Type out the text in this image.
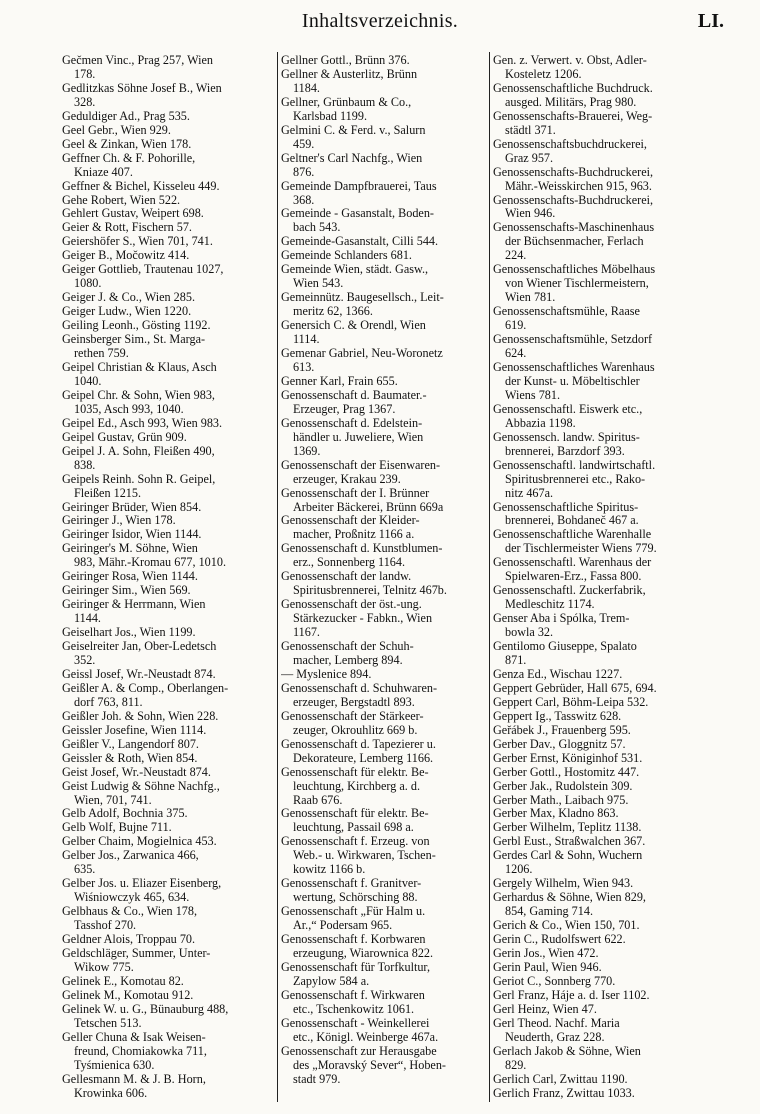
Inhaltsverzeichnis.	LI.
Gečmen Vinc., Prag 257, Wien
178.
Gedlitzkas Söhne Josef B., Wien
328.
Geduldiger Ad., Prag 535.
Geel Gebr., Wien 929.
Geel & Zinkan, Wien 178.
Geffner Ch. & F. Pohorille,
Kniaze 407.
Geffner & Bichel, Kisseleu 449.
Gehe Robert, Wien 522.
Gehlert Gustav, Weipert 698.
Geier & Rott, Fischern 57.
Geiershöfer S., Wien 701, 741.
Geiger B., Močowitz 414.
Geiger Gottlieb, Trautenau 1027,
1080.
Geiger J. & Co., Wien 285.
Geiger Ludw., Wien 1220.
Geiling Leonh., Gösting 1192.
Geinsberger Sim., St. Marga-
rethen 759.
Geipel Christian & Klaus, Asch
1040.
Geipel Chr. & Sohn, Wien 983,
1035, Asch 993, 1040.
Geipel Ed., Asch 993, Wien 983.
Geipel Gustav, Grün 909.
Geipel J. A. Sohn, Fleißen 490,
838.
Geipels Reinh. Sohn R. Geipel,
Fleißen 1215.
Geiringer Brüder, Wien 854.
Geiringer J., Wien 178.
Geiringer Isidor, Wien 1144.
Geiringer's M. Söhne, Wien
983, Mähr.-Kromau 677, 1010.
Geiringer Rosa, Wien 1144.
Geiringer Sim., Wien 569.
Geiringer & Herrmann, Wien
1144.
Geiselhart Jos., Wien 1199.
Geiselreiter Jan, Ober-Ledetsch
352.
Geissl Josef, Wr.-Neustadt 874.
Geißler A. & Comp., Oberlangen-
dorf 763, 811.
Geißler Joh. & Sohn, Wien 228.
Geissler Josefine, Wien 1114.
Geißler V., Langendorf 807.
Geissler & Roth, Wien 854.
Geist Josef, Wr.-Neustadt 874.
Geist Ludwig & Söhne Nachfg.,
Wien, 701, 741.
Gelb Adolf, Bochnia 375.
Gelb Wolf, Bujne 711.
Gelber Chaim, Mogielnica 453.
Gelber Jos., Zarwanica 466,
635.
Gelber Jos. u. Eliazer Eisenberg,
Wiśniowczyk 465, 634.
Gelbhaus & Co., Wien 178,
Tasshof 270.
Geldner Alois, Troppau 70.
Geldschläger, Summer, Unter-
Wikow 775.
Gelinek E., Komotau 82.
Gelinek M., Komotau 912.
Gelinek W. u. G., Bünauburg 488,
Tetschen 513.
Geller Chuna & Isak Weisen-
freund, Chomiakowka 711,
Tyśmienica 630.
Gellesmann M. & J. B. Horn,
Krowinka 606.
Gellner Gottl., Brünn 376.
Gellner & Austerlitz, Brünn
1184.
Gellner, Grünbaum & Co.,
Karlsbad 1199.
Gelmini C. & Ferd. v., Salurn
459.
Geltner's Carl Nachfg., Wien
876.
Gemeinde Dampfbrauerei, Taus
368.
Gemeinde - Gasanstalt, Boden-
bach 543.
Gemeinde-Gasanstalt, Cilli 544.
Gemeinde Schlanders 681.
Gemeinde Wien, städt. Gasw.,
Wien 543.
Gemeinnütz. Baugesellsch., Leit-
meritz 62, 1366.
Genersich C. & Orendl, Wien
1114.
Gemenar Gabriel, Neu-Woronetz
613.
Genner Karl, Frain 655.
Genossenschaft d. Baumater.-
Erzeuger, Prag 1367.
Genossenschaft d. Edelstein-
händler u. Juweliere, Wien
1369.
Genossenschaft der Eisenwaren-
erzeuger, Krakau 239.
Genossenschaft der I. Brünner
Arbeiter Bäckerei, Brünn 669a
Genossenschaft der Kleider-
macher, Proßnitz 1166 a.
Genossenschaft d. Kunstblumen-
erz., Sonnenberg 1164.
Genossenschaft der landw.
Spiritusbrennerei, Telnitz 467b.
Genossenschaft der öst.-ung.
Stärkezucker - Fabkn., Wien
1167.
Genossenschaft der Schuh-
macher, Lemberg 894.
— Myslenice 894.
Genossenschaft d. Schuhwaren-
erzeuger, Bergstadtl 893.
Genossenschaft der Stärkeer-
zeuger, Okrouhlitz 669 b.
Genossenschaft d. Tapezierer u.
Dekorateure, Lemberg 1166.
Genossenschaft für elektr. Be-
leuchtung, Kirchberg a. d.
Raab 676.
Genossenschaft für elektr. Be-
leuchtung, Passail 698 a.
Genossenschaft f. Erzeug. von
Web.- u. Wirkwaren, Tschen-
kowitz 1166 b.
Genossenschaft f. Granitver-
wertung, Schörsching 88.
Genossenschaft „Für Halm u.
Ar.,“ Podersam 965.
Genossenschaft f. Korbwaren
erzeugung, Wiarownica 822.
Genossenschaft für Torfkultur,
Zapylow 584 a.
Genossenschaft f. Wirkwaren
etc., Tschenkowitz 1061.
Genossenschaft - Weinkellerei
etc., Königl. Weinberge 467a.
Genossenschaft zur Herausgabe
des „Moravský Sever“, Hoben-
stadt 979.
Gen. z. Verwert. v. Obst, Adler-
Kosteletz 1206.
Genossenschaftliche Buchdruck.
ausged. Militärs, Prag 980.
Genossenschafts-Brauerei, Weg-
städtl 371.
Genossenschaftsbuchdruckerei,
Graz 957.
Genossenschafts-Buchdruckerei,
Mähr.-Weisskirchen 915, 963.
Genossenschafts-Buchdruckerei,
Wien 946.
Genossenschafts-Maschinenhaus
der Büchsenmacher, Ferlach
224.
Genossenschaftliches Möbelhaus
von Wiener Tischlermeistern,
Wien 781.
Genossenschaftsmühle, Raase
619.
Genossenschaftsmühle, Setzdorf
624.
Genossenschaftliches Warenhaus
der Kunst- u. Möbeltischler
Wiens 781.
Genossenschaftl. Eiswerk etc.,
Abbazia 1198.
Genossensch. landw. Spiritus-
brennerei, Barzdorf 393.
Genossenschaftl. landwirtschaftl.
Spiritusbrennerei etc., Rako-
nitz 467a.
Genossenschaftliche Spiritus-
brennerei, Bohdaneč 467 a.
Genossenschaftliche Warenhalle
der Tischlermeister Wiens 779.
Genossenschaftl. Warenhaus der
Spielwaren-Erz., Fassa 800.
Genossenschaftl. Zuckerfabrik,
Medleschitz 1174.
Genser Aba i Spólka, Trem-
bowla 32.
Gentilomo Giuseppe, Spalato
871.
Genza Ed., Wischau 1227.
Geppert Gebrüder, Hall 675, 694.
Geppert Carl, Böhm-Leipa 532.
Geppert Ig., Tasswitz 628.
Geřábek J., Frauenberg 595.
Gerber Dav., Gloggnitz 57.
Gerber Ernst, Königinhof 531.
Gerber Gottl., Hostomitz 447.
Gerber Jak., Rudolstein 309.
Gerber Math., Laibach 975.
Gerber Max, Kladno 863.
Gerber Wilhelm, Teplitz 1138.
Gerbl Eust., Straßwalchen 367.
Gerdes Carl & Sohn, Wuchern
1206.
Gergely Wilhelm, Wien 943.
Gerhardus & Söhne, Wien 829,
854, Gaming 714.
Gerich & Co., Wien 150, 701.
Gerin C., Rudolfswert 622.
Gerin Jos., Wien 472.
Gerin Paul, Wien 946.
Geriot C., Sonnberg 770.
Gerl Franz, Háje a. d. Iser 1102.
Gerl Heinz, Wien 47.
Gerl Theod. Nachf. Maria
Neuderth, Graz 228.
Gerlach Jakob & Söhne, Wien
829.
Gerlich Carl, Zwittau 1190.
Gerlich Franz, Zwittau 1033.
